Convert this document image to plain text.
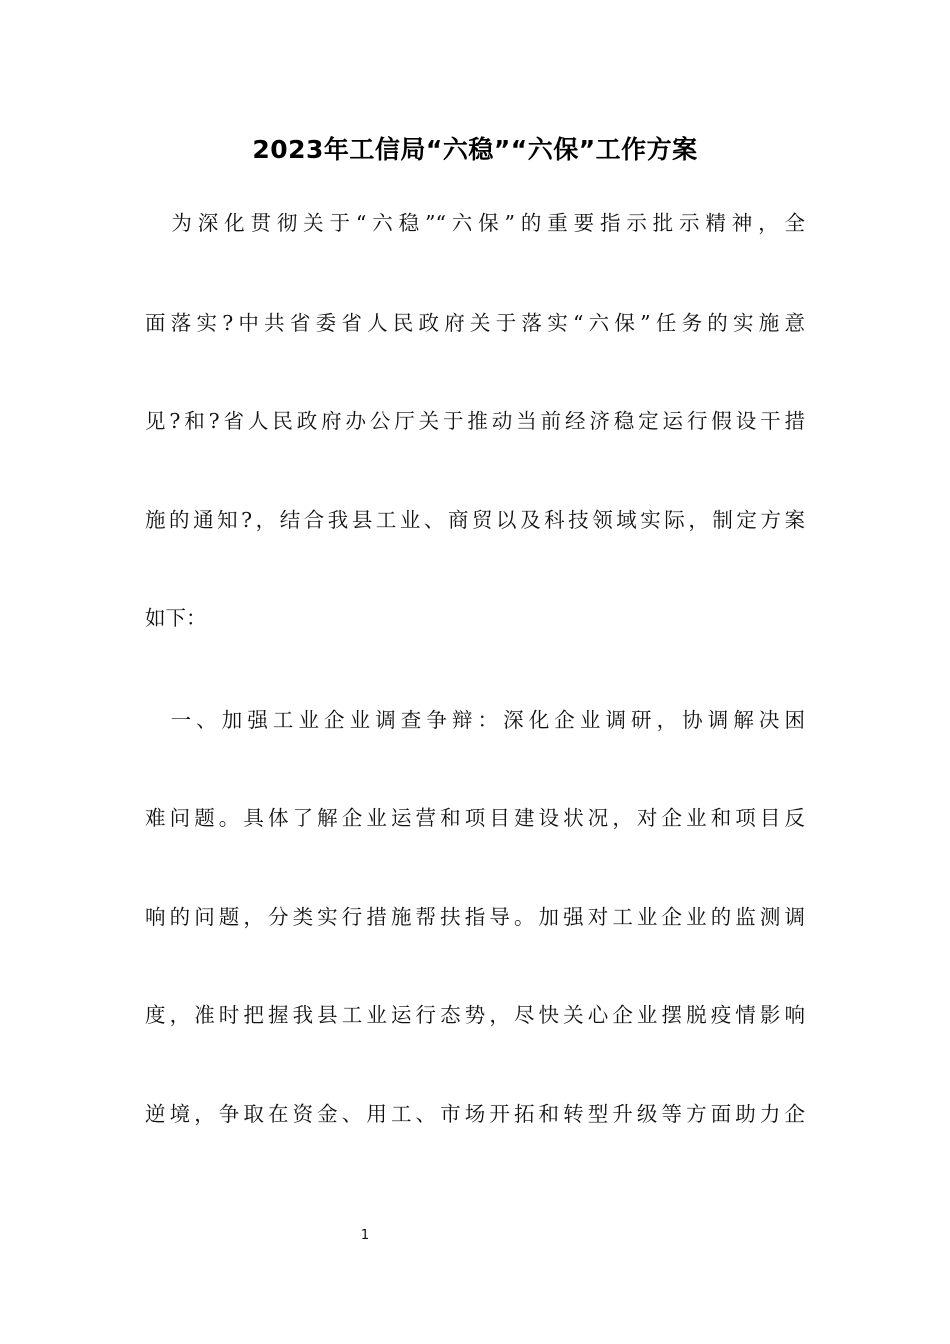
2023年工信局“六稳”“六保”工作方案
　为深化贯彻关于“六稳”“六保”的重要指示批示精神，全
面落实?中共省委省人民政府关于落实“六保”任务的实施意
见?和?省人民政府办公厅关于推动当前经济稳定运行假设干措
施的通知?，结合我县工业、商贸以及科技领域实际，制定方案
如下：
　一、加强工业企业调查争辩：深化企业调研，协调解决困
难问题。具体了解企业运营和项目建设状况，对企业和项目反
响的问题，分类实行措施帮扶指导。加强对工业企业的监测调
度，准时把握我县工业运行态势，尽快关心企业摆脱疫情影响
逆境，争取在资金、用工、市场开拓和转型升级等方面助力企
1
